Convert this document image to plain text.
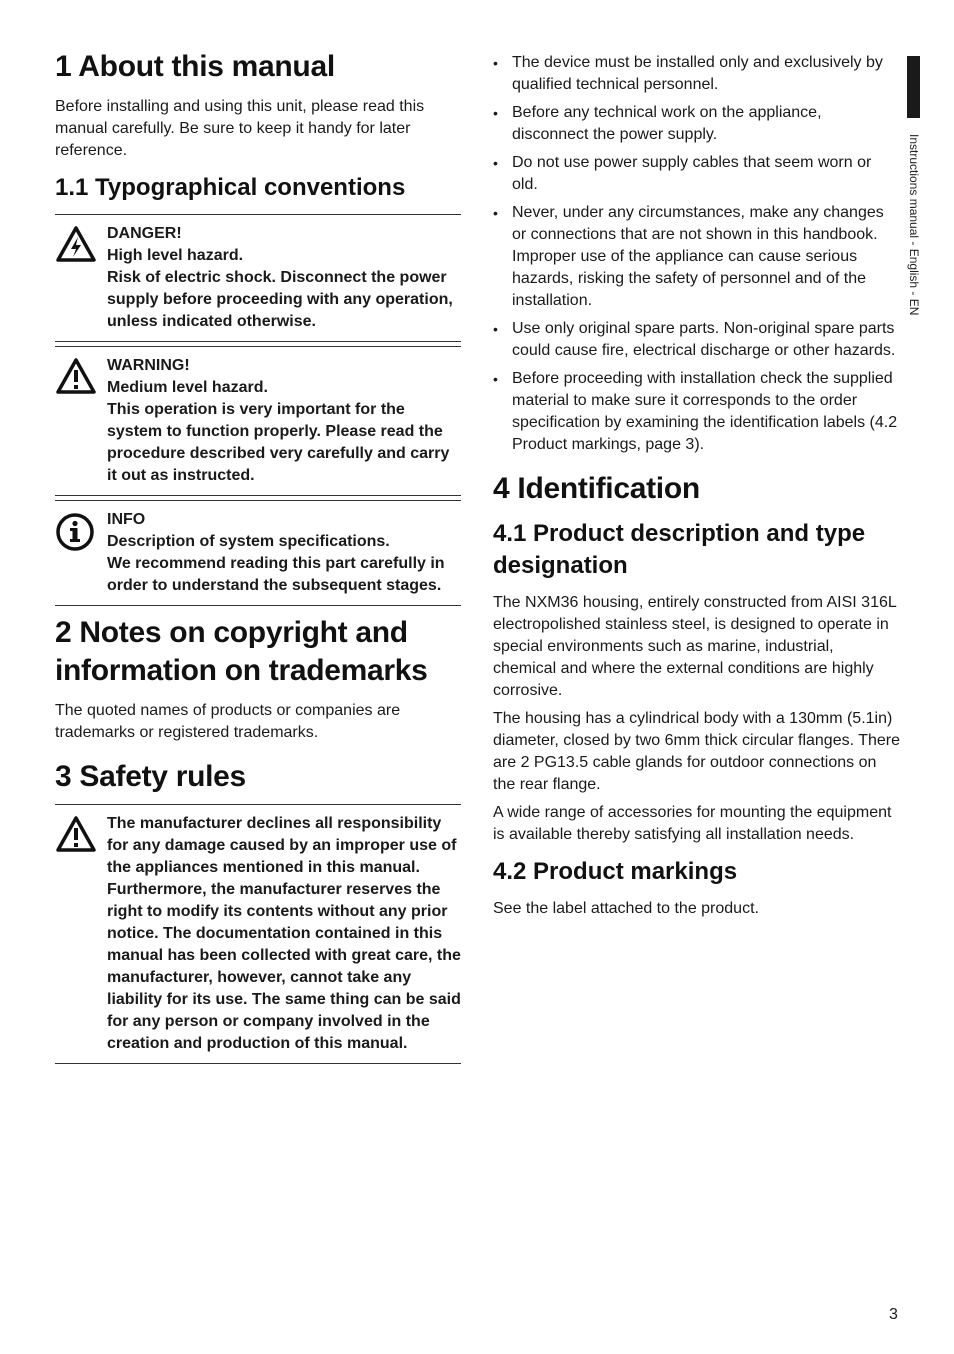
1 About this manual

Before installing and using this unit, please read this manual carefully. Be sure to keep it handy for later reference.

1.1 Typographical conventions
DANGER!
High level hazard.
Risk of electric shock. Disconnect the power supply before proceeding with any operation, unless indicated otherwise.
WARNING!
Medium level hazard.
This operation is very important for the system to function properly. Please read the procedure described very carefully and carry it out as instructed.
INFO
Description of system specifications.
We recommend reading this part carefully in order to understand the subsequent stages.
2 Notes on copyright and information on trademarks

The quoted names of products or companies are trademarks or registered trademarks.

3 Safety rules
The manufacturer declines all responsibility for any damage caused by an improper use of the appliances mentioned in this manual. Furthermore, the manufacturer reserves the right to modify its contents without any prior notice. The documentation contained in this manual has been collected with great care, the manufacturer, however, cannot take any liability for its use. The same thing can be said for any person or company involved in the creation and production of this manual.
• The device must be installed only and exclusively by qualified technical personnel.
• Before any technical work on the appliance, disconnect the power supply.
• Do not use power supply cables that seem worn or old.
• Never, under any circumstances, make any changes or connections that are not shown in this handbook. Improper use of the appliance can cause serious hazards, risking the safety of personnel and of the installation.
• Use only original spare parts. Non-original spare parts could cause fire, electrical discharge or other hazards.
• Before proceeding with installation check the supplied material to make sure it corresponds to the order specification by examining the identification labels (4.2 Product markings, page 3).
4 Identification
4.1 Product description and type designation

The NXM36 housing, entirely constructed from AISI 316L electropolished stainless steel, is designed to operate in special environments such as marine, industrial, chemical and where the external conditions are highly corrosive.

The housing has a cylindrical body with a 130mm (5.1in) diameter, closed by two 6mm thick circular flanges. There are 2 PG13.5 cable glands for outdoor connections on the rear flange.

A wide range of accessories for mounting the equipment is available thereby satisfying all installation needs.

4.2 Product markings

See the label attached to the product.

Instructions manual - English - EN
3
